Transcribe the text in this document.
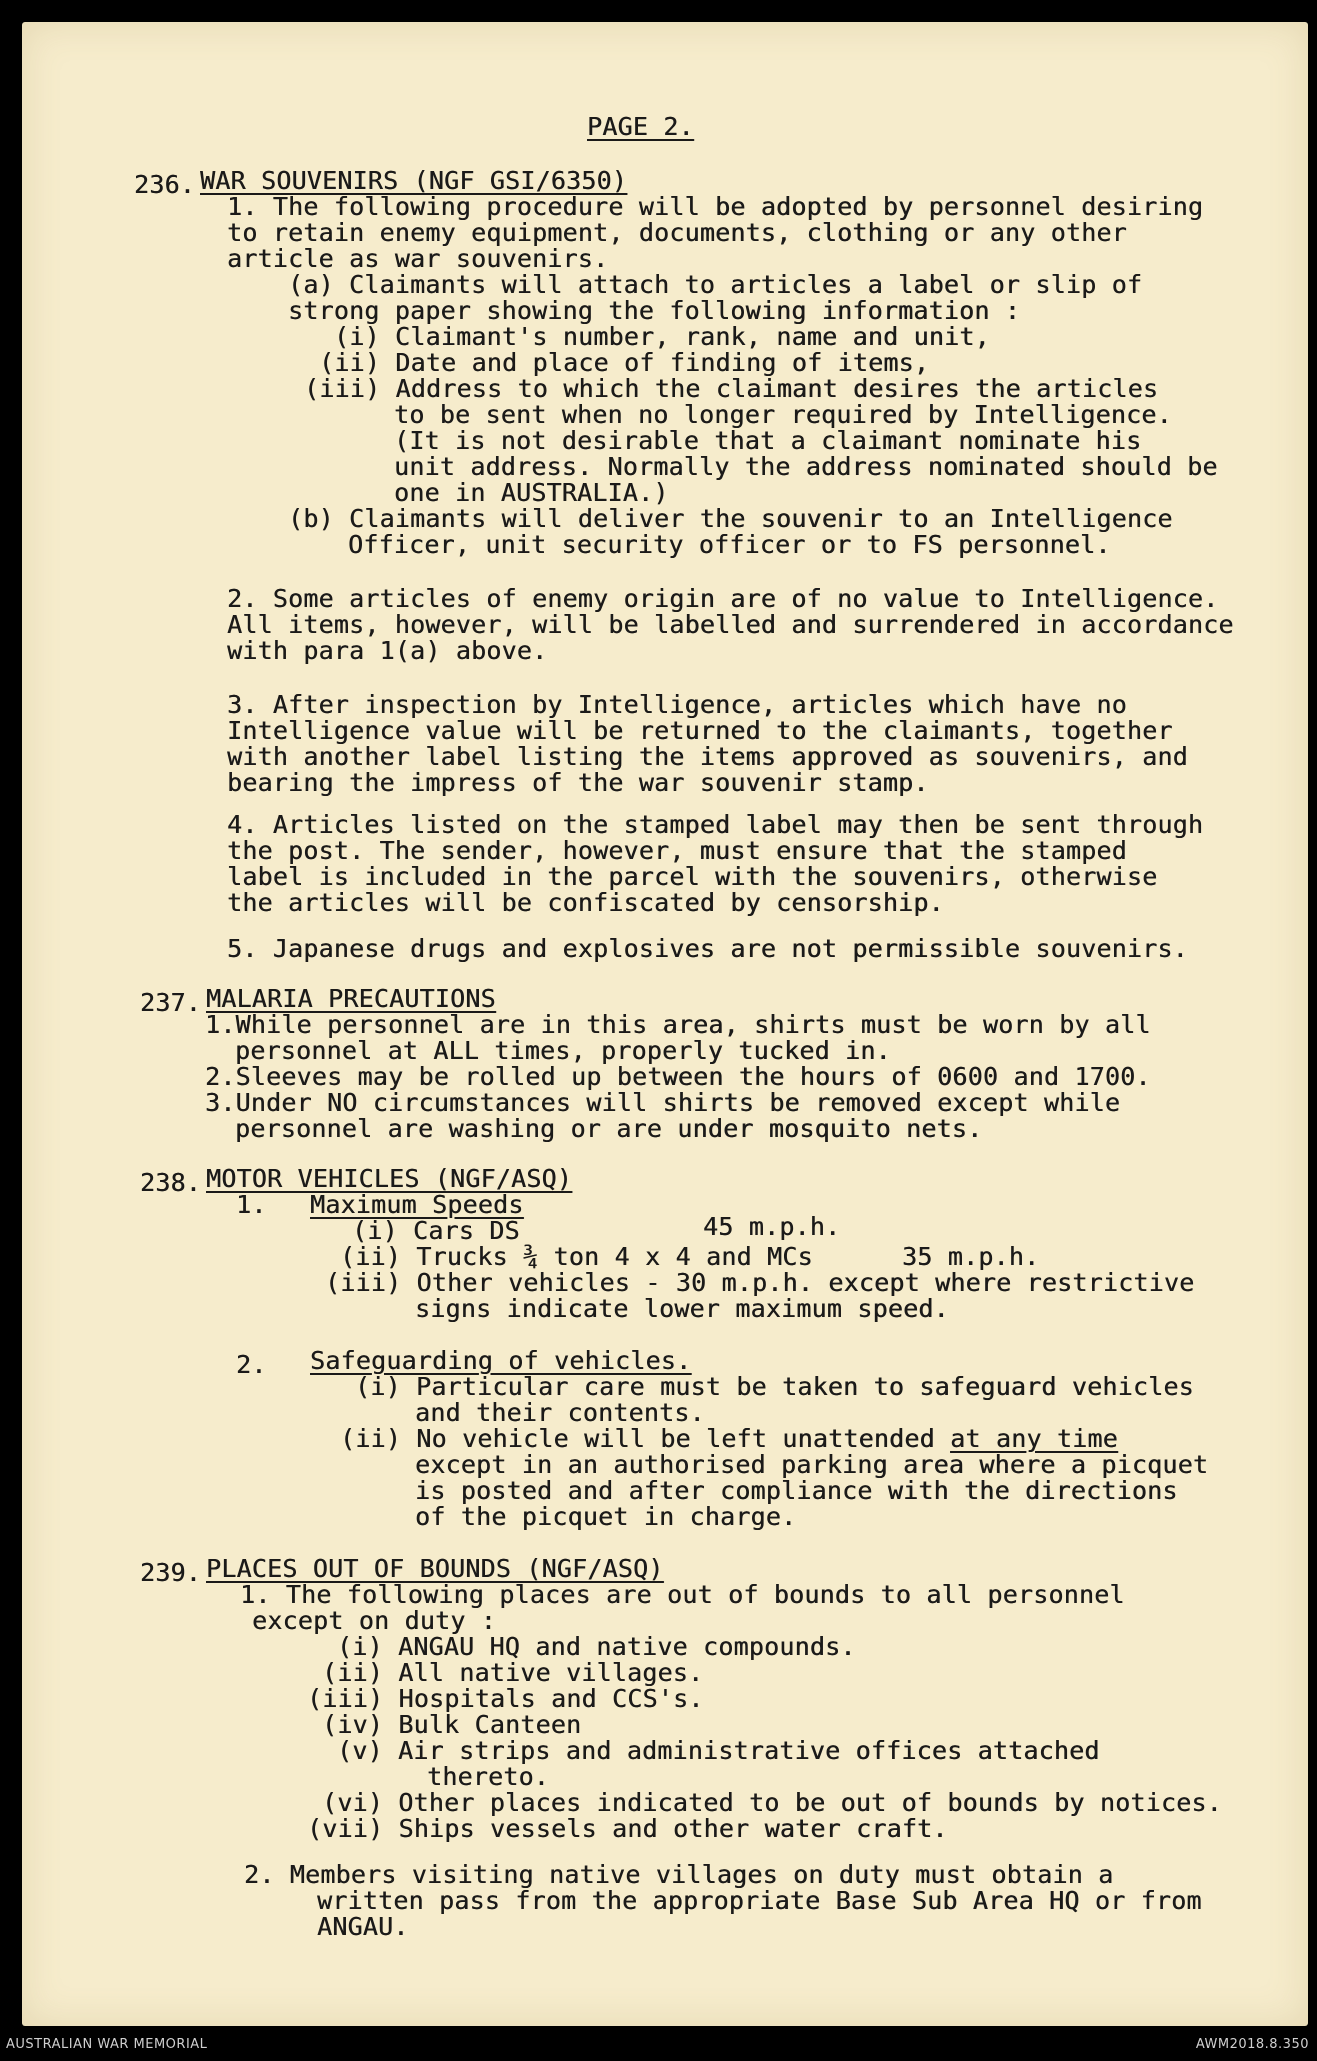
PAGE 2.
236. WAR SOUVENIRS (NGF GSI/6350)
1. The following procedure will be adopted by personnel desiring
to retain enemy equipment, documents, clothing or any other
article as war souvenirs.
(a) Claimants will attach to articles a label or slip of
strong paper showing the following information :
(i) Claimant's number, rank, name and unit,
(ii) Date and place of finding of items,
(iii) Address to which the claimant desires the articles
to be sent when no longer required by Intelligence.
(It is not desirable that a claimant nominate his
unit address. Normally the address nominated should be
one in AUSTRALIA.)
(b) Claimants will deliver the souvenir to an Intelligence
Officer, unit security officer or to FS personnel.
2. Some articles of enemy origin are of no value to Intelligence.
All items, however, will be labelled and surrendered in accordance
with para 1(a) above.
3. After inspection by Intelligence, articles which have no
Intelligence value will be returned to the claimants, together
with another label listing the items approved as souvenirs, and
bearing the impress of the war souvenir stamp.
4. Articles listed on the stamped label may then be sent through
the post. The sender, however, must ensure that the stamped
label is included in the parcel with the souvenirs, otherwise
the articles will be confiscated by censorship.
5. Japanese drugs and explosives are not permissible souvenirs.
237. MALARIA PRECAUTIONS
1.While personnel are in this area, shirts must be worn by all
personnel at ALL times, properly tucked in.
2.Sleeves may be rolled up between the hours of 0600 and 1700.
3.Under NO circumstances will shirts be removed except while
personnel are washing or are under mosquito nets.
238. MOTOR VEHICLES (NGF/ASQ)
1. Maximum Speeds
(i) Cars DS	45 m.p.h.
(ii) Trucks ¾ ton 4 x 4 and MCs	35 m.p.h.
(iii) Other vehicles - 30 m.p.h. except where restrictive
signs indicate lower maximum speed.
2. Safeguarding of vehicles.
(i) Particular care must be taken to safeguard vehicles
and their contents.
(ii) No vehicle will be left unattended at any time
except in an authorised parking area where a picquet
is posted and after compliance with the directions
of the picquet in charge.
239. PLACES OUT OF BOUNDS (NGF/ASQ)
1. The following places are out of bounds to all personnel
except on duty :
(i) ANGAU HQ and native compounds.
(ii) All native villages.
(iii) Hospitals and CCS's.
(iv) Bulk Canteen
(v) Air strips and administrative offices attached
thereto.
(vi) Other places indicated to be out of bounds by notices.
(vii) Ships vessels and other water craft.
2. Members visiting native villages on duty must obtain a
written pass from the appropriate Base Sub Area HQ or from
ANGAU.
AUSTRALIAN WAR MEMORIAL	AWM2018.8.350
